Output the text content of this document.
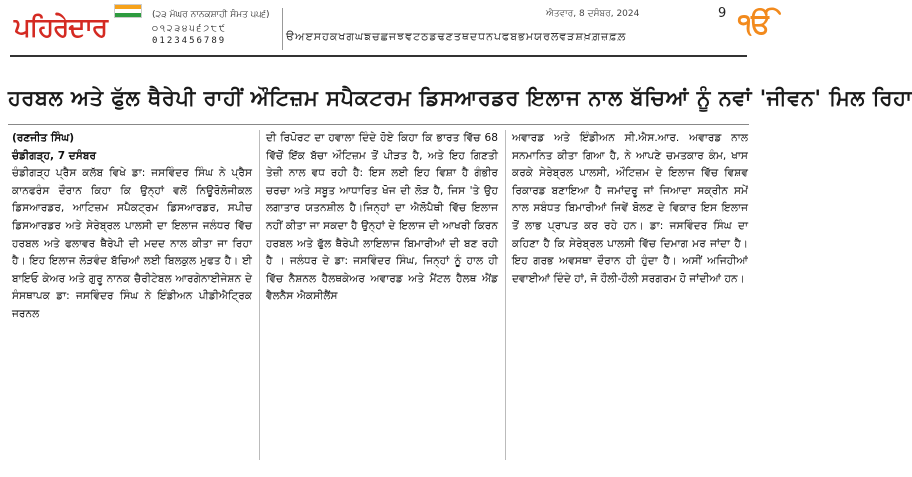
ਪਹਿਰੇਦਾਰ	(੨੩ ਮੱਘਰ ਨਾਨਕਸ਼ਾਹੀ ਸੰਮਤ ੫੫੬)
੦੧੨੩੪੫੬੭੮੯
0123456789
ਐਤਵਾਰ, 8 ਦਸੰਬਰ, 2024	9 ੴ
ੳਅੲਸਹਕਖਗਘਙਚਛਜਝਞਟਠਡਢਣਤਥਦਧਨਪਫਬਭਮਯਰਲਵੜਸ਼ਖ਼ਗ਼ਜ਼ਫ਼ਲ਼
ਹਰਬਲ ਅਤੇ ਫੁੱਲ ਥੈਰੇਪੀ ਰਾਹੀਂ ਔਟਿਜ਼ਮ ਸਪੈਕਟਰਮ ਡਿਸਆਰਡਰ ਇਲਾਜ ਨਾਲ ਬੱਚਿਆਂ ਨੂੰ ਨਵਾਂ 'ਜੀਵਨ' ਮਿਲ ਰਿਹਾ

(ਰਣਜੀਤ ਸਿੰਘ)

ਚੰਡੀਗੜ੍ਹ, 7 ਦਸੰਬਰ

ਚੰਡੀਗੜ੍ਹ ਪ੍ਰੈਸ ਕਲੱਬ ਵਿਖੇ ਡਾ: ਜਸਵਿੰਦਰ ਸਿੰਘ ਨੇ ਪ੍ਰੈਸ ਕਾਨਫਰੰਸ ਦੌਰਾਨ ਕਿਹਾ ਕਿ ਉਨ੍ਹਾਂ ਵਲੋਂ ਨਿਊਰੋਲੋਜੀਕਲ ਡਿਸਆਰਡਰ, ਆਟਿਜ਼ਮ ਸਪੈਕਟ੍ਰਮ ਡਿਸਆਰਡਰ, ਸਪੀਚ ਡਿਸਆਰਡਰ ਅਤੇ ਸੇਰੇਬ੍ਰਲ ਪਾਲਸੀ ਦਾ ਇਲਾਜ ਜਲੰਧਰ ਵਿੱਚ ਹਰਬਲ ਅਤੇ ਫਲਾਵਰ ਥੈਰੇਪੀ ਦੀ ਮਦਦ ਨਾਲ ਕੀਤਾ ਜਾ ਰਿਹਾ ਹੈ। ਇਹ ਇਲਾਜ ਲੋੜਵੰਦ ਬੱਚਿਆਂ ਲਈ ਬਿਲਕੁਲ ਮੁਫਤ ਹੈ। ਈ ਬਾਇਓ ਕੇਅਰ ਅਤੇ ਗੁਰੂ ਨਾਨਕ ਚੈਰੀਟੇਬਲ ਆਰਗੇਨਾਈਜੇਸ਼ਨ ਦੇ ਸੰਸਥਾਪਕ ਡਾ: ਜਸਵਿੰਦਰ ਸਿੰਘ ਨੇ ਇੰਡੀਅਨ ਪੀਡੀਐਟ੍ਰਿਕ ਜਰਨਲ

ਦੀ ਰਿਪੋਰਟ ਦਾ ਹਵਾਲਾ ਦਿੰਦੇ ਹੋਏ ਕਿਹਾ ਕਿ ਭਾਰਤ ਵਿੱਚ 68 ਵਿੱਚੋਂ ਇੱਕ ਬੱਚਾ ਔਟਿਜ਼ਮ ਤੋਂ ਪੀੜਤ ਹੈ, ਅਤੇ ਇਹ ਗਿਣਤੀ ਤੇਜ਼ੀ ਨਾਲ ਵਧ ਰਹੀ ਹੈ: ਇਸ ਲਈ ਇਹ ਵਿਸ਼ਾ ਹੈ ਗੰਭੀਰ ਚਰਚਾ ਅਤੇ ਸਬੂਤ ਆਧਾਰਿਤ ਖੋਜ ਦੀ ਲੋੜ ਹੈ, ਜਿਸ 'ਤੇ ਉਹ ਲਗਾਤਾਰ ਯਤਨਸ਼ੀਲ ਹੈ।ਜਿਨ੍ਹਾਂ ਦਾ ਐਲੋਪੈਥੀ ਵਿੱਚ ਇਲਾਜ ਨਹੀਂ ਕੀਤਾ ਜਾ ਸਕਦਾ ਹੈ ਉਨ੍ਹਾਂ ਦੇ ਇਲਾਜ ਦੀ ਆਖਰੀ ਕਿਰਨ ਹਰਬਲ ਅਤੇ ਫੁੱਲ ਥੈਰੇਪੀ ਲਾਇਲਾਜ ਬਿਮਾਰੀਆਂ ਦੀ ਬਣ ਰਹੀ ਹੈ । ਜਲੰਧਰ ਦੇ ਡਾ: ਜਸਵਿੰਦਰ ਸਿੰਘ, ਜਿਨ੍ਹਾਂ ਨੂੰ ਹਾਲ ਹੀ ਵਿੱਚ ਨੈਸ਼ਨਲ ਹੈਲਥਕੇਅਰ ਅਵਾਰਡ ਅਤੇ ਮੈਂਟਲ ਹੈਲਥ ਐਂਡ ਵੈਲਨੈਸ ਐਕਸੀਲੈਂਸ

ਅਵਾਰਡ ਅਤੇ ਇੰਡੀਅਨ ਸੀ.ਐਸ.ਆਰ. ਅਵਾਰਡ ਨਾਲ ਸਨਮਾਨਿਤ ਕੀਤਾ ਗਿਆ ਹੈ, ਨੇ ਆਪਣੇ ਚਮਤਕਾਰ ਕੰਮ, ਖਾਸ ਕਰਕੇ ਸੇਰੇਬ੍ਰਲ ਪਾਲਸੀ, ਔਟਿਜ਼ਮ ਦੇ ਇਲਾਜ ਵਿੱਚ ਵਿਸ਼ਵ ਰਿਕਾਰਡ ਬਣਾਇਆ ਹੈ ਜਮਾਂਦਰੂ ਜਾਂ ਜਿਆਦਾ ਸਕ੍ਰੀਨ ਸਮੇਂ ਨਾਲ ਸਬੰਧਤ ਬਿਮਾਰੀਆਂ ਜਿਵੇਂ ਬੋਲਣ ਦੇ ਵਿਕਾਰ ਇਸ ਇਲਾਜ ਤੋਂ ਲਾਭ ਪ੍ਰਾਪਤ ਕਰ ਰਹੇ ਹਨ। ਡਾ: ਜਸਵਿੰਦਰ ਸਿੰਘ ਦਾ ਕਹਿਣਾ ਹੈ ਕਿ ਸੇਰੇਬ੍ਰਲ ਪਾਲਸੀ ਵਿੱਚ ਦਿਮਾਗ ਮਰ ਜਾਂਦਾ ਹੈ। ਇਹ ਗਰਭ ਅਵਸਥਾ ਦੌਰਾਨ ਹੀ ਹੁੰਦਾ ਹੈ। ਅਸੀਂ ਅਜਿਹੀਆਂ ਦਵਾਈਆਂ ਦਿੰਦੇ ਹਾਂ, ਜੋ ਹੌਲੀ-ਹੌਲੀ ਸਰਗਰਮ ਹੋ ਜਾਂਦੀਆਂ ਹਨ।
